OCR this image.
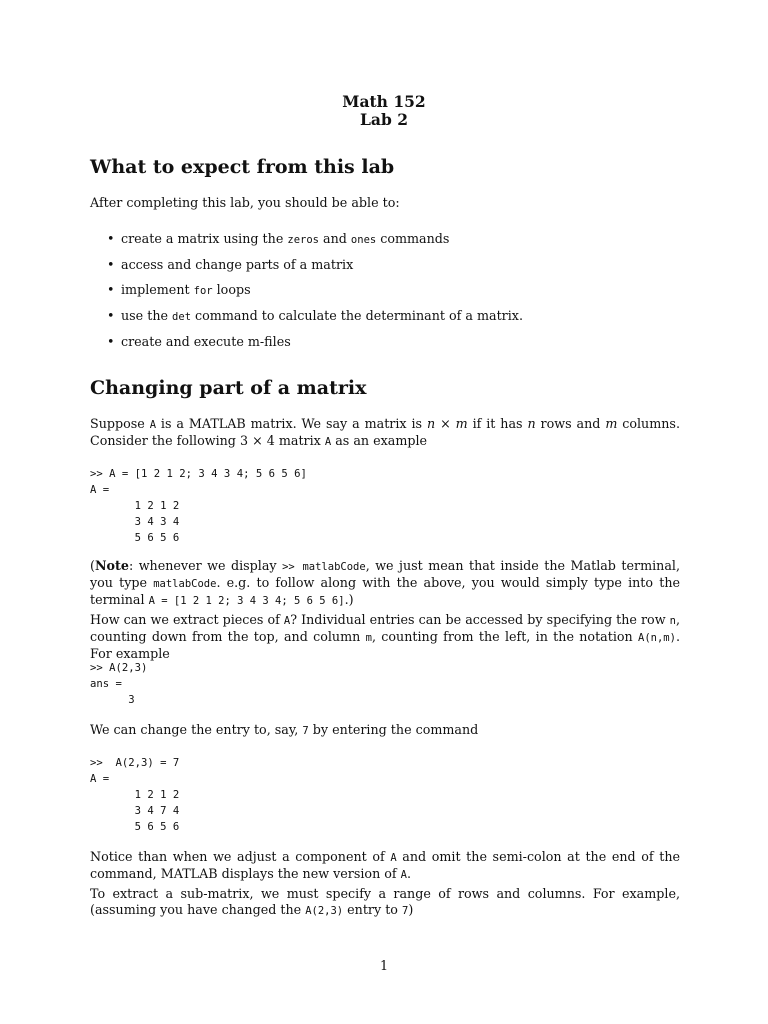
Math 152
Lab 2
What to expect from this lab

After completing this lab, you should be able to:

• create a matrix using the zeros and ones commands
• access and change parts of a matrix
• implement for loops
• use the det command to calculate the determinant of a matrix.
• create and execute m-files
Changing part of a matrix

Suppose A is a MATLAB matrix. We say a matrix is n × m if it has n rows and m columns. Consider the following 3 × 4 matrix A as an example

>> A = [1 2 1 2; 3 4 3 4; 5 6 5 6]
A =
1 2 1 2
3 4 3 4
5 6 5 6

(Note: whenever we display >> matlabCode, we just mean that inside the Matlab terminal, you type matlabCode. e.g. to follow along with the above, you would simply type into the terminal A = [1 2 1 2; 3 4 3 4; 5 6 5 6].)

How can we extract pieces of A? Individual entries can be accessed by specifying the row n, counting down from the top, and column m, counting from the left, in the notation A(n,m). For example

>> A(2,3)
ans =
3

We can change the entry to, say, 7 by entering the command

>>  A(2,3) = 7
A =
1 2 1 2
3 4 7 4
5 6 5 6

Notice than when we adjust a component of A and omit the semi-colon at the end of the command, MATLAB displays the new version of A.

To extract a sub-matrix, we must specify a range of rows and columns. For example, (assuming you have changed the A(2,3) entry to 7)

1
